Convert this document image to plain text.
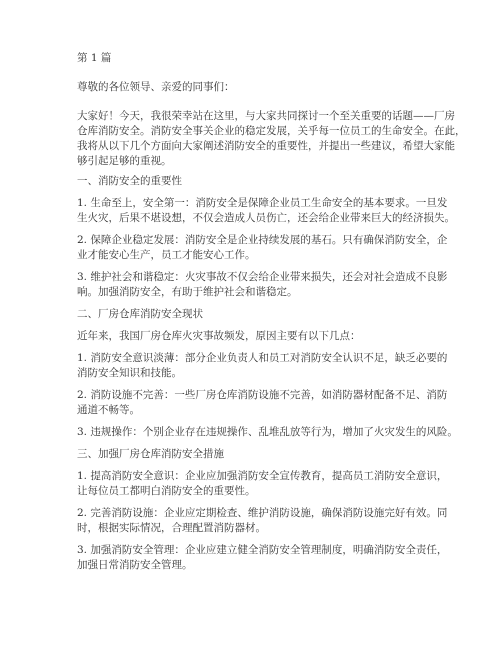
第 1 篇
尊敬的各位领导、亲爱的同事们：
大家好！今天，我很荣幸站在这里，与大家共同探讨一个至关重要的话题——厂房
仓库消防安全。消防安全事关企业的稳定发展，关乎每一位员工的生命安全。在此，
我将从以下几个方面向大家阐述消防安全的重要性，并提出一些建议，希望大家能
够引起足够的重视。
一、消防安全的重要性
1. 生命至上，安全第一：消防安全是保障企业员工生命安全的基本要求。一旦发
生火灾，后果不堪设想，不仅会造成人员伤亡，还会给企业带来巨大的经济损失。
2. 保障企业稳定发展：消防安全是企业持续发展的基石。只有确保消防安全，企
业才能安心生产，员工才能安心工作。
3. 维护社会和谐稳定：火灾事故不仅会给企业带来损失，还会对社会造成不良影
响。加强消防安全，有助于维护社会和谐稳定。
二、厂房仓库消防安全现状
近年来，我国厂房仓库火灾事故频发，原因主要有以下几点：
1. 消防安全意识淡薄：部分企业负责人和员工对消防安全认识不足，缺乏必要的
消防安全知识和技能。
2. 消防设施不完善：一些厂房仓库消防设施不完善，如消防器材配备不足、消防
通道不畅等。
3. 违规操作：个别企业存在违规操作、乱堆乱放等行为，增加了火灾发生的风险。
三、加强厂房仓库消防安全措施
1. 提高消防安全意识：企业应加强消防安全宣传教育，提高员工消防安全意识，
让每位员工都明白消防安全的重要性。
2. 完善消防设施：企业应定期检查、维护消防设施，确保消防设施完好有效。同
时，根据实际情况，合理配置消防器材。
3. 加强消防安全管理：企业应建立健全消防安全管理制度，明确消防安全责任，
加强日常消防安全管理。
